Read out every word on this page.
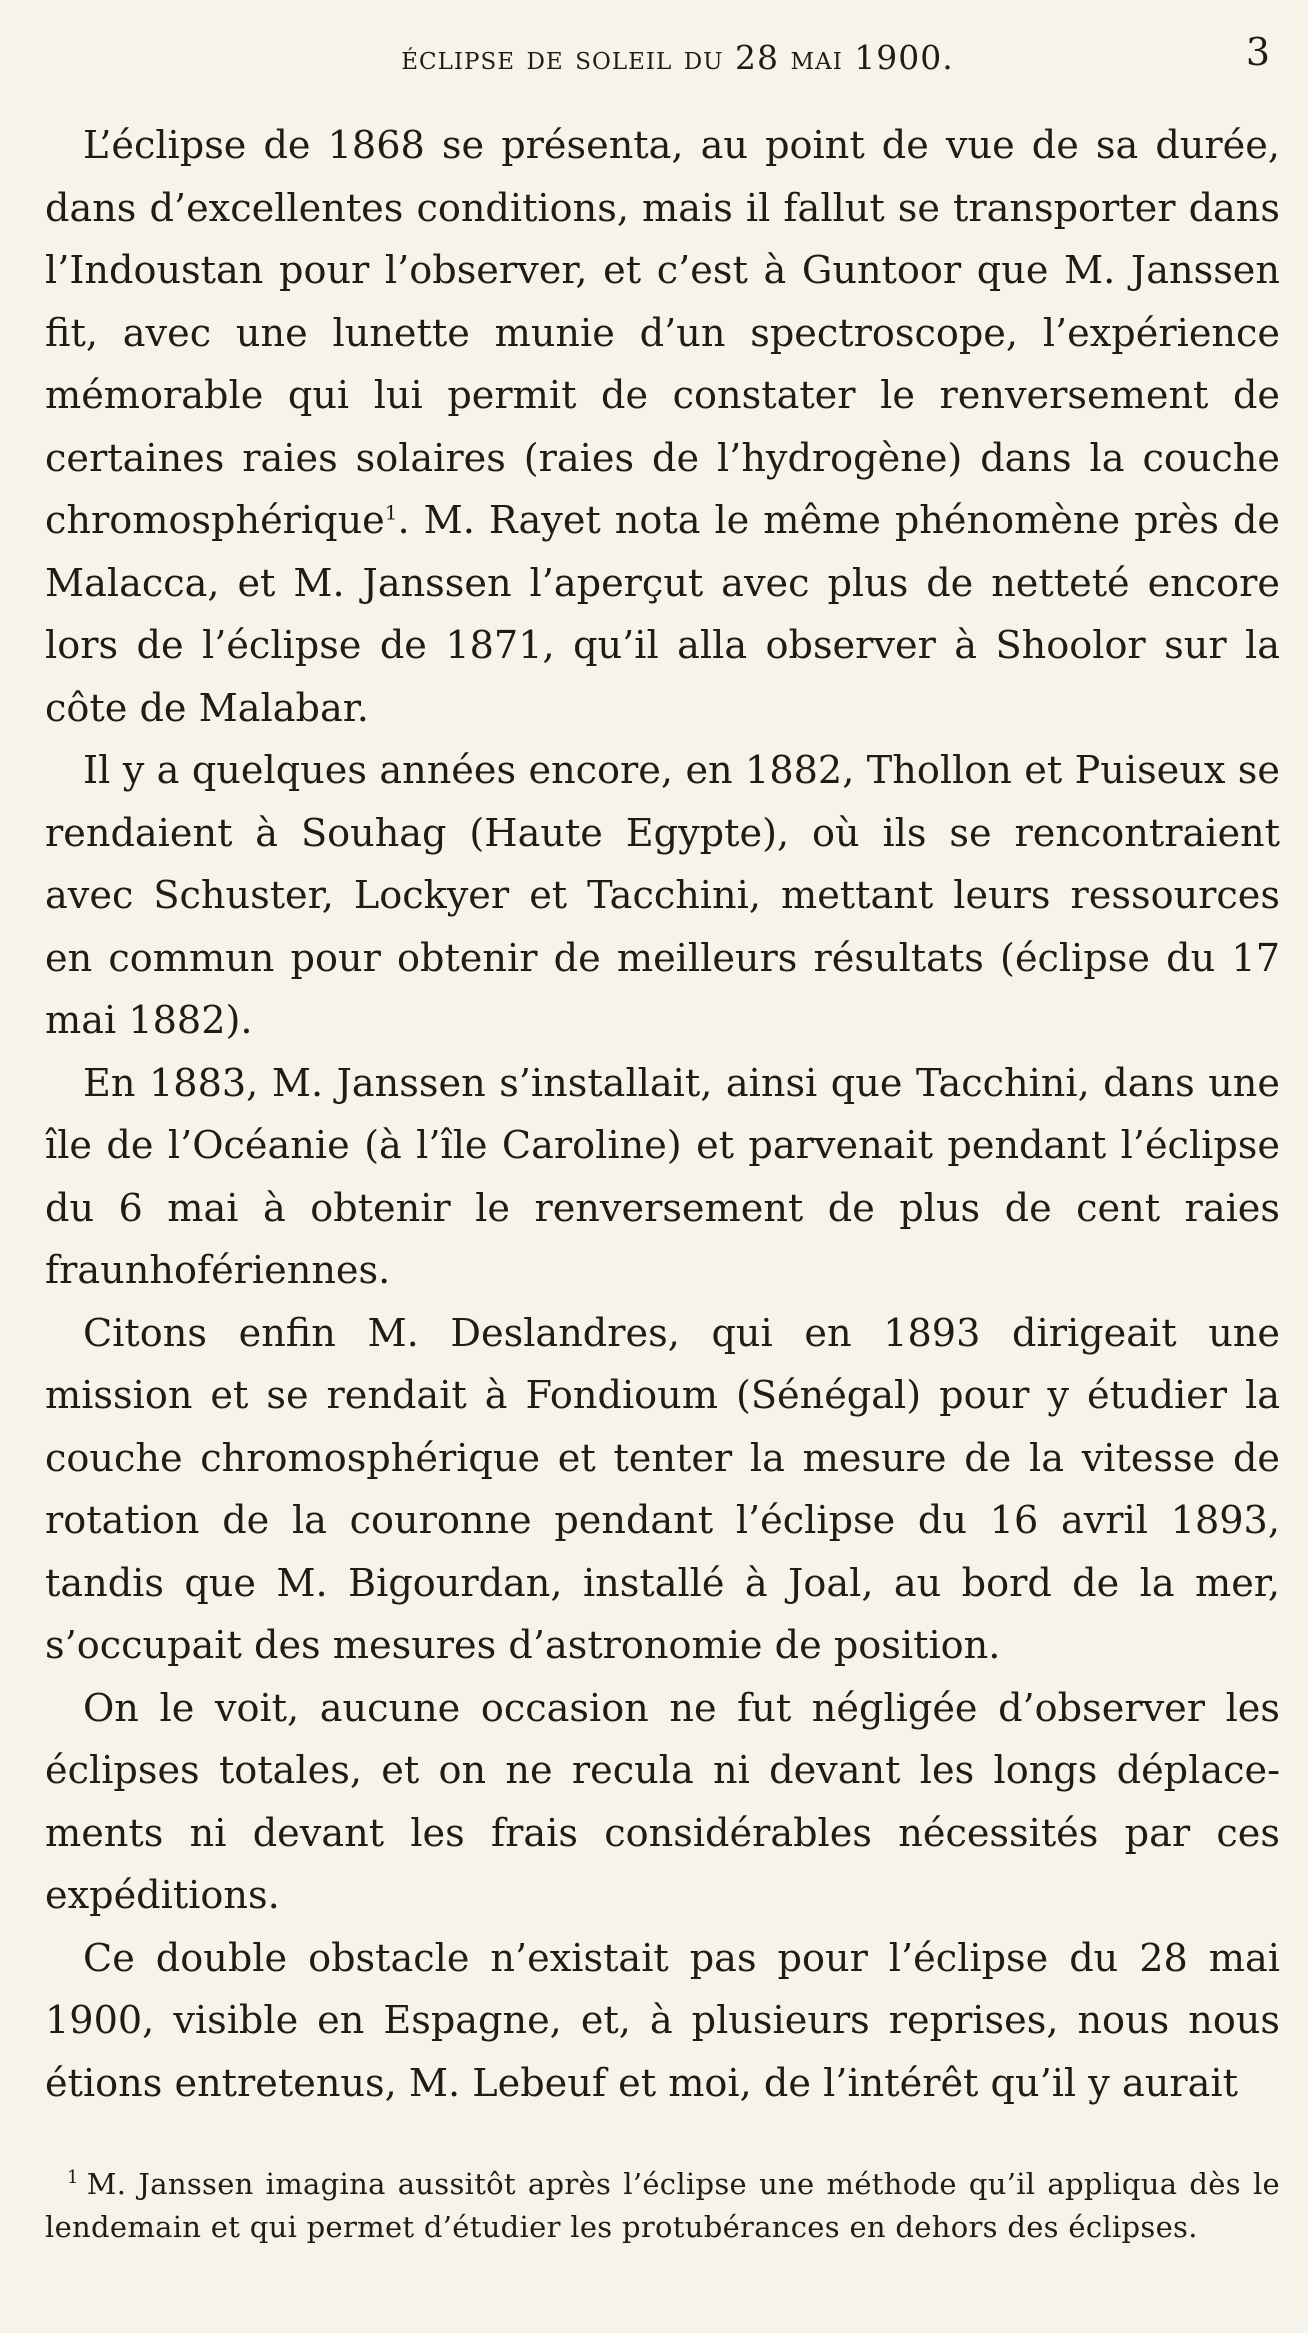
éclipse de soleil du 28 mai 1900.	3

L’éclipse de 1868 se présenta, au point de vue de sa durée, dans d’excellentes conditions, mais il fallut se transporter dans l’Indoustan pour l’observer, et c’est à Guntoor que M. Janssen fit, avec une lunette munie d’un spectroscope, l’expérience mémorable qui lui permit de constater le renversement de certaines raies solaires (raies de l’hydrogène) dans la couche chromosphérique$^1$. M. Rayet nota le même phénomène près de Malacca, et M. Janssen l’aperçut avec plus de netteté encore lors de l’éclipse de 1871, qu’il alla observer à Shoolor sur la côte de Malabar.

Il y a quelques années encore, en 1882, Thollon et Puiseux se rendaient à Souhag (Haute Egypte), où ils se rencontraient avec Schuster, Lockyer et Tacchini, mettant leurs ressources en commun pour obtenir de meilleurs résultats (éclipse du 17 mai 1882).

En 1883, M. Janssen s’installait, ainsi que Tacchini, dans une île de l’Océanie (à l’île Caroline) et parvenait pendant l’éclipse du 6 mai à obtenir le renversement de plus de cent raies fraunhofériennes.

Citons enfin M. Deslandres, qui en 1893 dirigeait une mission et se rendait à Fondioum (Sénégal) pour y étudier la couche chromosphérique et tenter la mesure de la vitesse de rotation de la couronne pendant l’éclipse du 16 avril 1893, tandis que M. Bigourdan, installé à Joal, au bord de la mer, s’occupait des mesures d’astronomie de position.

On le voit, aucune occasion ne fut négligée d’observer les éclipses totales, et on ne recula ni devant les longs déplacements ni devant les frais considérables nécessités par ces expéditions.

Ce double obstacle n’existait pas pour l’éclipse du 28 mai 1900, visible en Espagne, et, à plusieurs reprises, nous nous étions entretenus, M. Lebeuf et moi, de l’intérêt qu’il y aurait

$^1$ M. Janssen imagina aussitôt après l’éclipse une méthode qu’il appliqua dès le lendemain et qui permet d’étudier les protubérances en dehors des éclipses.
